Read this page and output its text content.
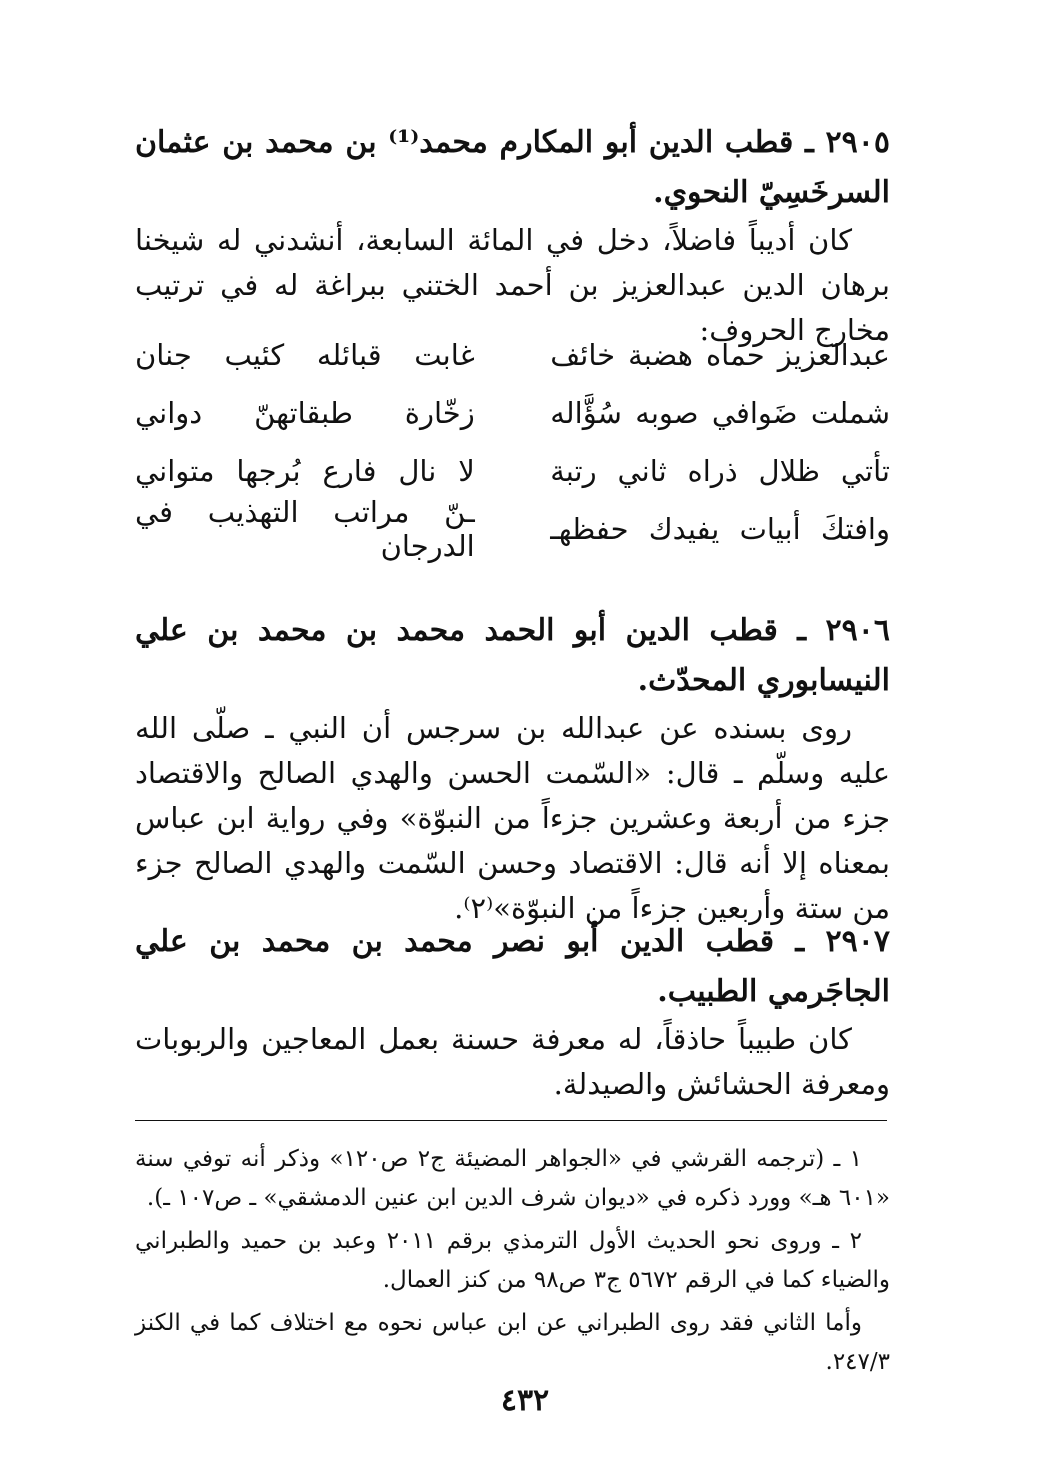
٢٩٠٥ ـ قطب الدين أبو المكارم محمد⁽¹⁾ بن محمد بن عثمان السرخَسِيّ النحوي.

كان أديباً فاضلاً، دخل في المائة السابعة، أنشدني له شيخنا برهان الدين عبدالعزيز بن أحمد الختني ببراغة له في ترتيب مخارج الحروف:

عبدالعزيز حماه هضبة خائف
غابت قبائله كئيب جنان
شملت ضَوافي صوبه سُؤَّاله
زخّارة طبقاتهنّ دواني
تأتي ظلال ذراه ثاني رتبة
لا نال فارع بُرجها متواني
وافتكَ أبيات يفيدك حفظهـ
ـنّ مراتب التهذيب في الدرجان

٢٩٠٦ ـ قطب الدين أبو الحمد محمد بن محمد بن علي النيسابوري المحدّث.

روى بسنده عن عبدالله بن سرجس أن النبي ـ صلّى الله عليه وسلّم ـ قال: «السّمت الحسن والهدي الصالح والاقتصاد جزء من أربعة وعشرين جزءاً من النبوّة» وفي رواية ابن عباس بمعناه إلا أنه قال: الاقتصاد وحسن السّمت والهدي الصالح جزء من ستة وأربعين جزءاً من النبوّة»⁽٢⁾.

٢٩٠٧ ـ قطب الدين أبو نصر محمد بن محمد بن علي الجاجَرمي الطبيب.

كان طبيباً حاذقاً، له معرفة حسنة بعمل المعاجين والربوبات ومعرفة الحشائش والصيدلة.

١ ـ (ترجمه القرشي في «الجواهر المضيئة ج٢ ص١٢٠» وذكر أنه توفي سنة «٦٠١ هـ» وورد ذكره في «ديوان شرف الدين ابن عنين الدمشقي» ـ ص١٠٧ ـ).

٢ ـ وروى نحو الحديث الأول الترمذي برقم ٢٠١١ وعبد بن حميد والطبراني والضياء كما في الرقم ٥٦٧٢ ج٣ ص٩٨ من كنز العمال.

وأما الثاني فقد روى الطبراني عن ابن عباس نحوه مع اختلاف كما في الكنز ٢٤٧/٣.

٤٣٢
